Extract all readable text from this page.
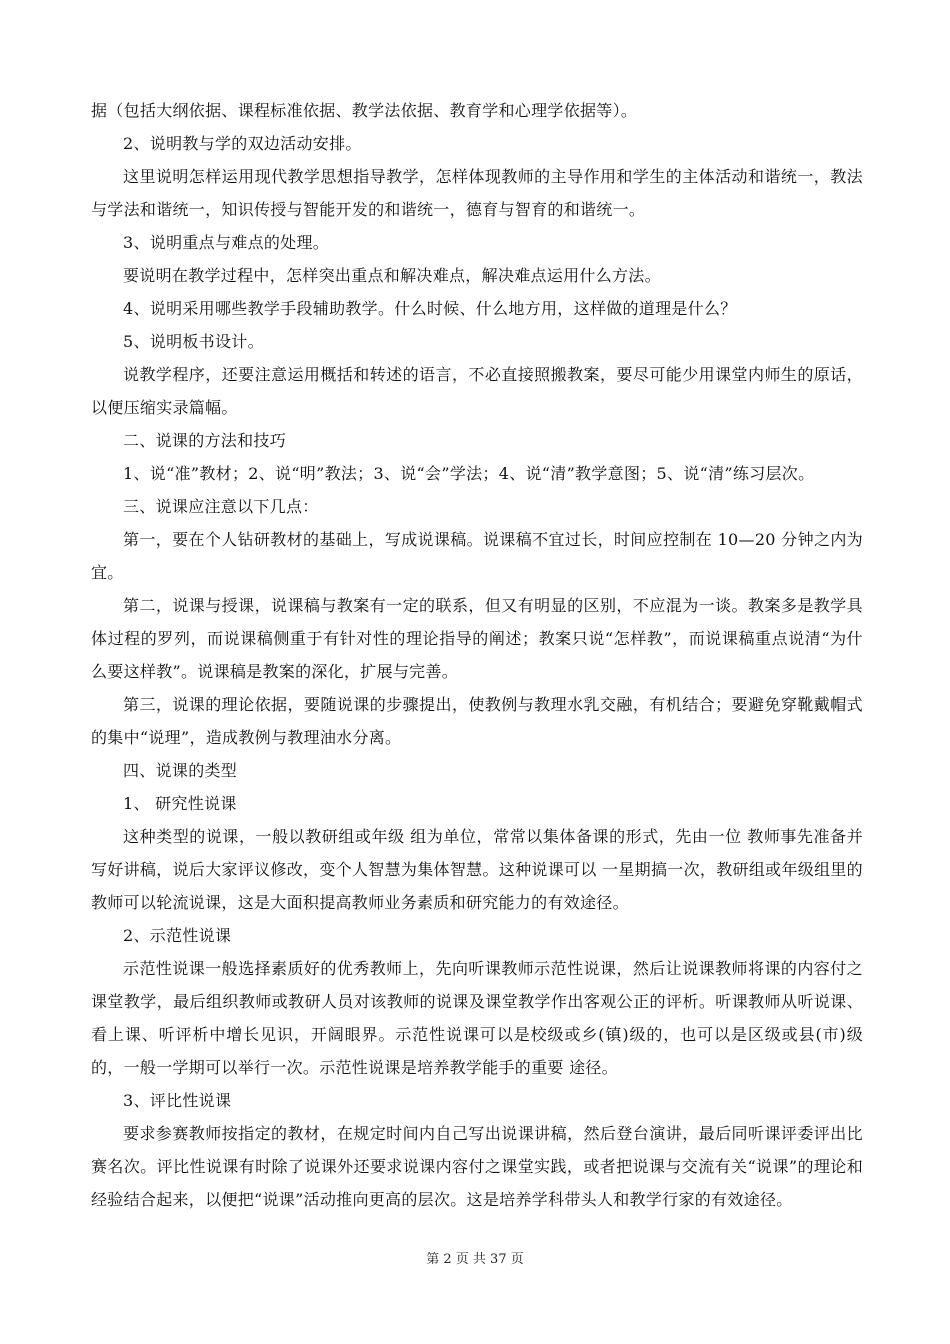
据（包括大纲依据、课程标准依据、教学法依据、教育学和心理学依据等）。

2、说明教与学的双边活动安排。

这里说明怎样运用现代教学思想指导教学，怎样体现教师的主导作用和学生的主体活动和谐统一，教法与学法和谐统一，知识传授与智能开发的和谐统一，德育与智育的和谐统一。

3、说明重点与难点的处理。

要说明在教学过程中，怎样突出重点和解决难点，解决难点运用什么方法。

4、说明采用哪些教学手段辅助教学。什么时候、什么地方用，这样做的道理是什么？

5、说明板书设计。

说教学程序，还要注意运用概括和转述的语言，不必直接照搬教案，要尽可能少用课堂内师生的原话，以便压缩实录篇幅。

二、说课的方法和技巧

1、说“准”教材；2、说“明”教法；3、说“会”学法；4、说“清”教学意图；5、说“清”练习层次。

三、说课应注意以下几点：

第一，要在个人钻研教材的基础上，写成说课稿。说课稿不宜过长，时间应控制在 10—20 分钟之内为宜。

第二，说课与授课，说课稿与教案有一定的联系，但又有明显的区别，不应混为一谈。教案多是教学具体过程的罗列，而说课稿侧重于有针对性的理论指导的阐述；教案只说“怎样教”，而说课稿重点说清“为什么要这样教”。说课稿是教案的深化，扩展与完善。

第三，说课的理论依据，要随说课的步骤提出，使教例与教理水乳交融，有机结合；要避免穿靴戴帽式的集中“说理”，造成教例与教理油水分离。

四、说课的类型

1、 研究性说课

这种类型的说课，一般以教研组或年级 组为单位，常常以集体备课的形式，先由一位 教师事先准备并写好讲稿，说后大家评议修改，变个人智慧为集体智慧。这种说课可以 一星期搞一次，教研组或年级组里的教师可以轮流说课，这是大面积提高教师业务素质和研究能力的有效途径。

2、示范性说课

示范性说课一般选择素质好的优秀教师上，先向听课教师示范性说课，然后让说课教师将课的内容付之课堂教学，最后组织教师或教研人员对该教师的说课及课堂教学作出客观公正的评析。听课教师从听说课、看上课、听评析中增长见识，开阔眼界。示范性说课可以是校级或乡(镇)级的，也可以是区级或县(市)级的，一般一学期可以举行一次。示范性说课是培养教学能手的重要 途径。

3、评比性说课

要求参赛教师按指定的教材，在规定时间内自己写出说课讲稿，然后登台演讲，最后同听课评委评出比赛名次。评比性说课有时除了说课外还要求说课内容付之课堂实践，或者把说课与交流有关“说课”的理论和经验结合起来，以便把“说课”活动推向更高的层次。这是培养学科带头人和教学行家的有效途径。

第 2 页 共 37 页
